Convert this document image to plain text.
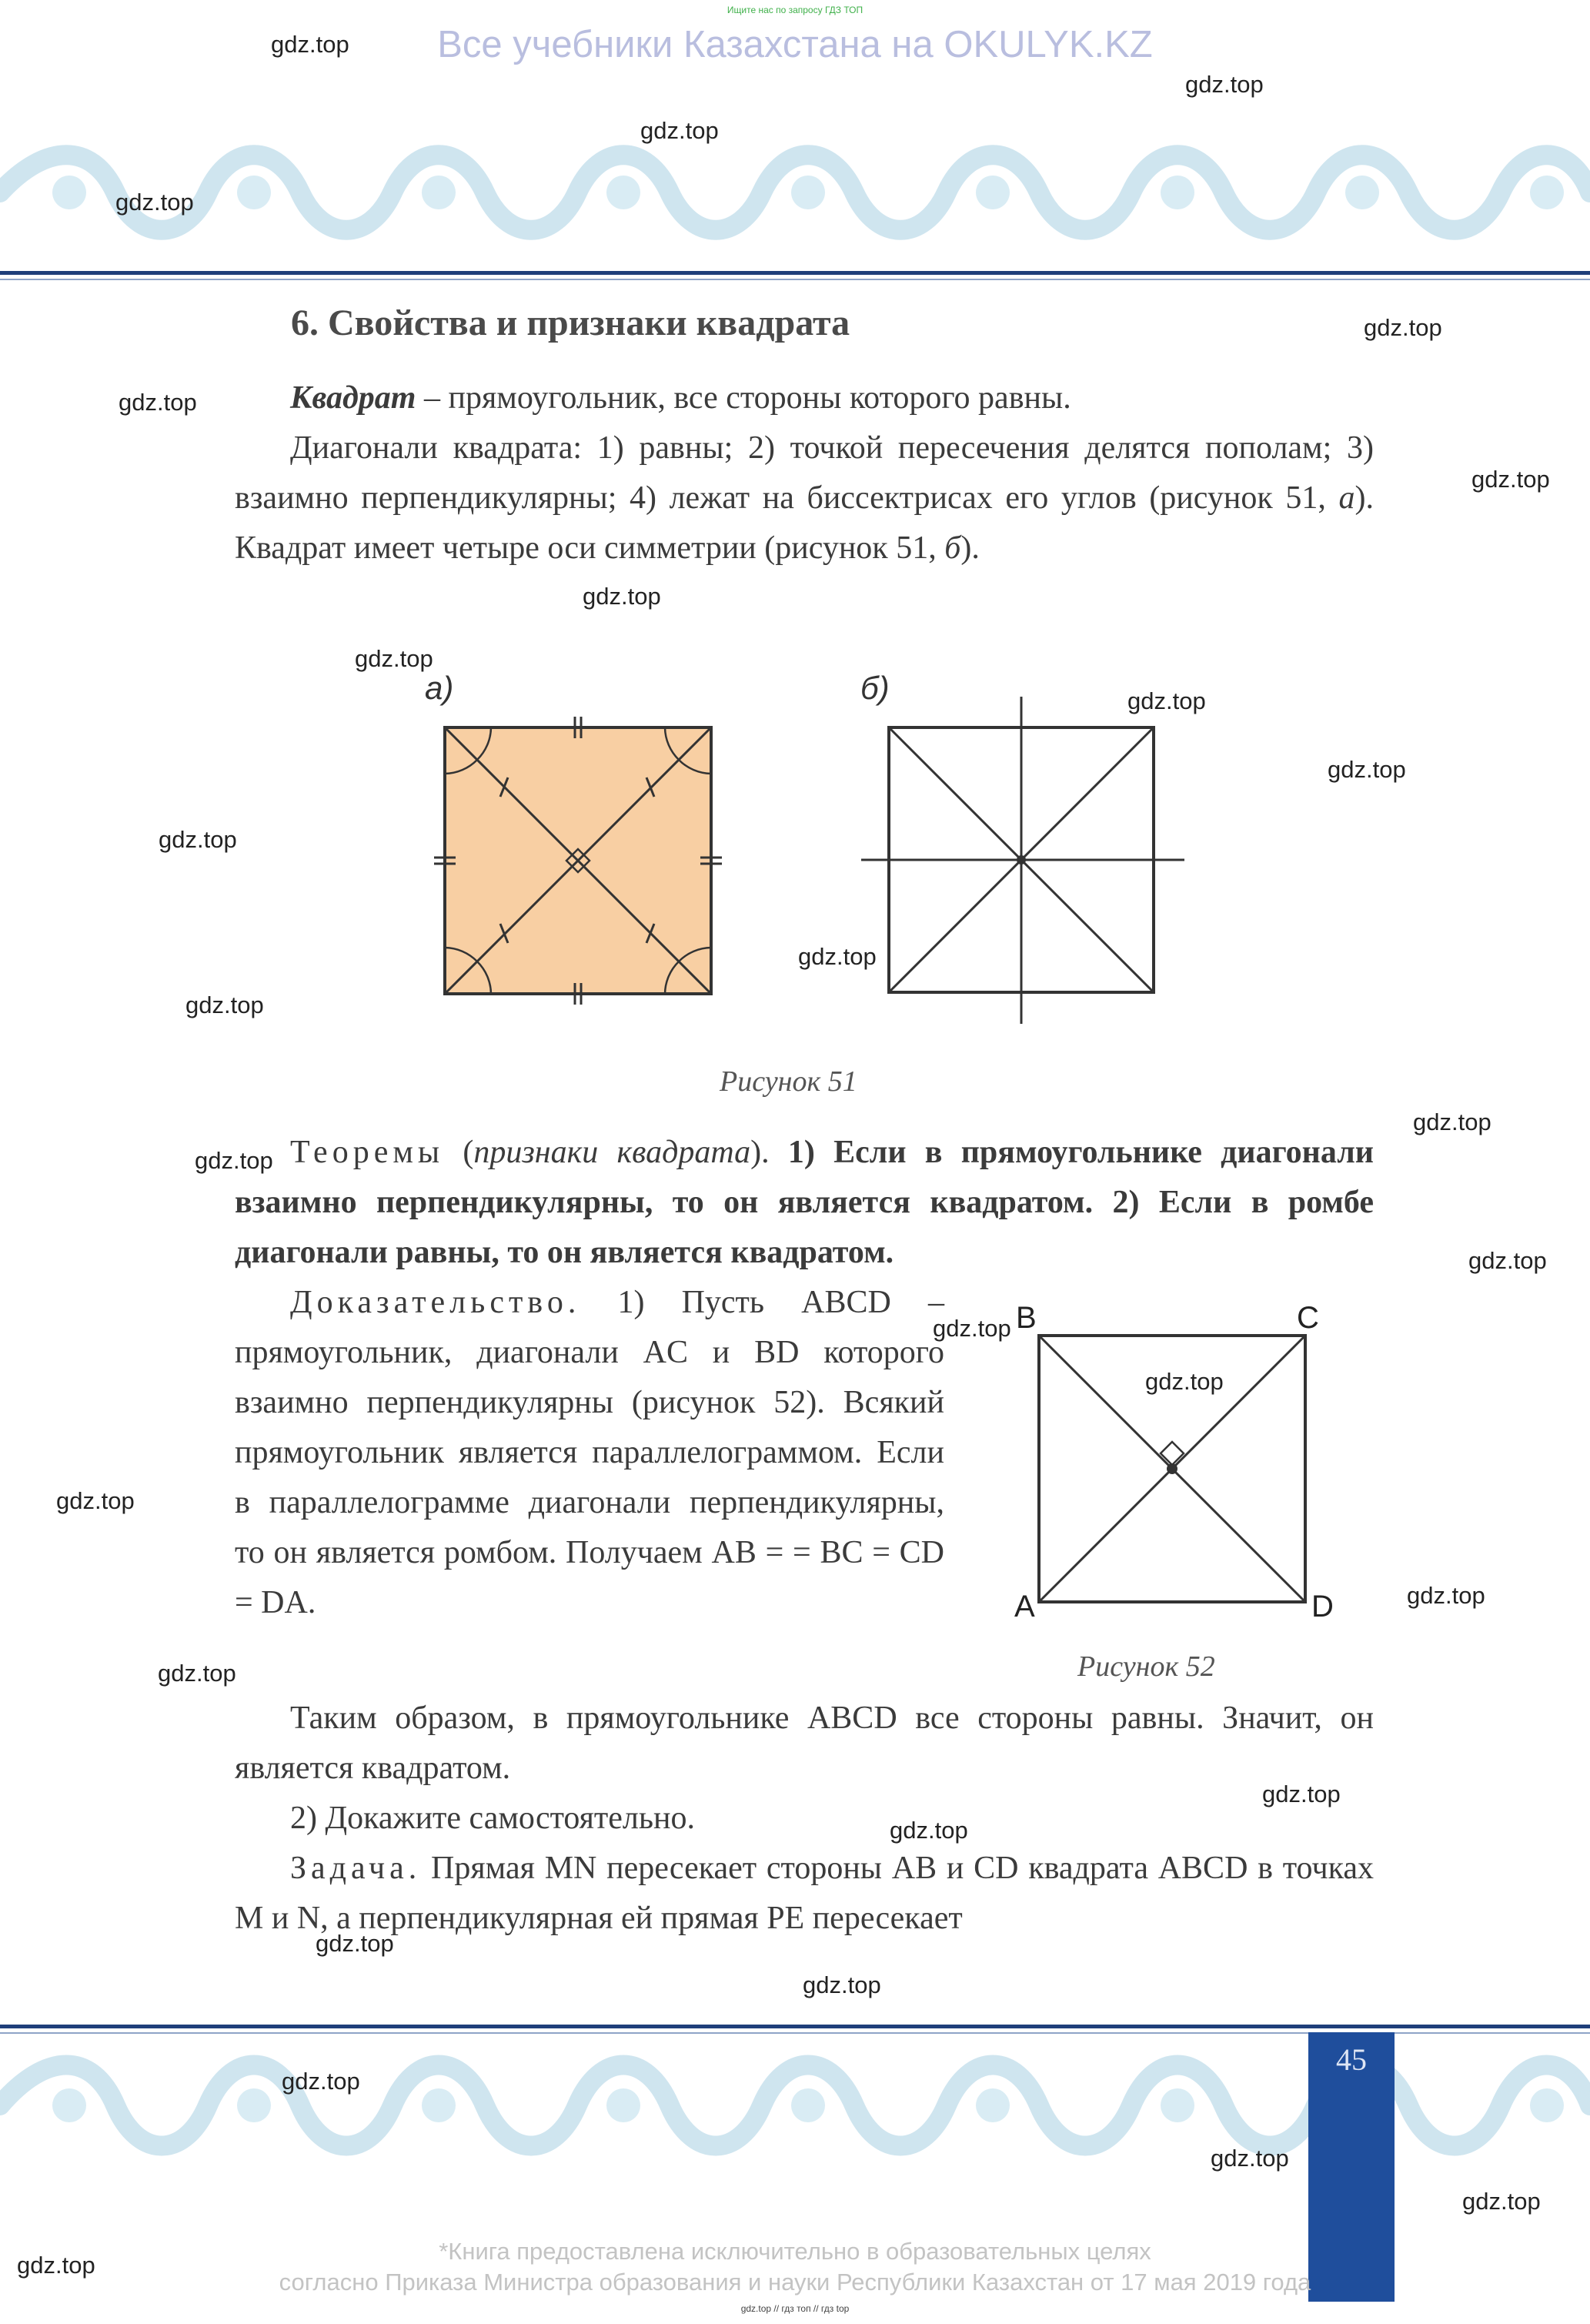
Ищите нас по запросу ГДЗ ТОП
Все учебники Казахстана на OKULYK.KZ
6. Свойства и признаки квадрата

Квадрат – прямоугольник, все стороны которого равны.

Диагонали квадрата: 1) равны; 2) точкой пересечения делятся пополам; 3) взаимно перпендикулярны; 4) лежат на биссектрисах его углов (рисунок 51, а). Квадрат имеет четыре оси симметрии (рисунок 51, б).

а)	б)
Рисунок 51

Теоремы (признаки квадрата). 1) Если в прямоугольнике диагонали взаимно перпендикулярны, то он является квадратом. 2) Если в ромбе диагонали равны, то он является квадратом.

Доказательство. 1) Пусть ABCD – прямоугольник, диагонали AC и BD которого взаимно перпендикулярны (рисунок 52). Всякий прямоугольник является параллелограммом. Если в параллелограмме диагонали перпендикулярны, то он является ромбом. Получаем AB = = BC = CD = DA.

B	C
A	D
Рисунок 52

Таким образом, в прямоугольнике ABCD все стороны равны. Значит, он является квадратом.

2) Докажите самостоятельно.

Задача. Прямая MN пересекает стороны AB и CD квадрата ABCD в точках M и N, а перпендикулярная ей прямая PE пересекает

45
*Книга предоставлена исключительно в образовательных целях
согласно Приказа Министра образования и науки Республики Казахстан от 17 мая 2019 года
gdz.top // гдз топ // гдз top
gdz.top
gdz.top
gdz.top
gdz.top
gdz.top
gdz.top
gdz.top
gdz.top
gdz.top
gdz.top
gdz.top
gdz.top
gdz.top
gdz.top
gdz.top
gdz.top
gdz.top
gdz.top
gdz.top
gdz.top
gdz.top
gdz.top
gdz.top
gdz.top
gdz.top
gdz.top
gdz.top
gdz.top
gdz.top
gdz.top
